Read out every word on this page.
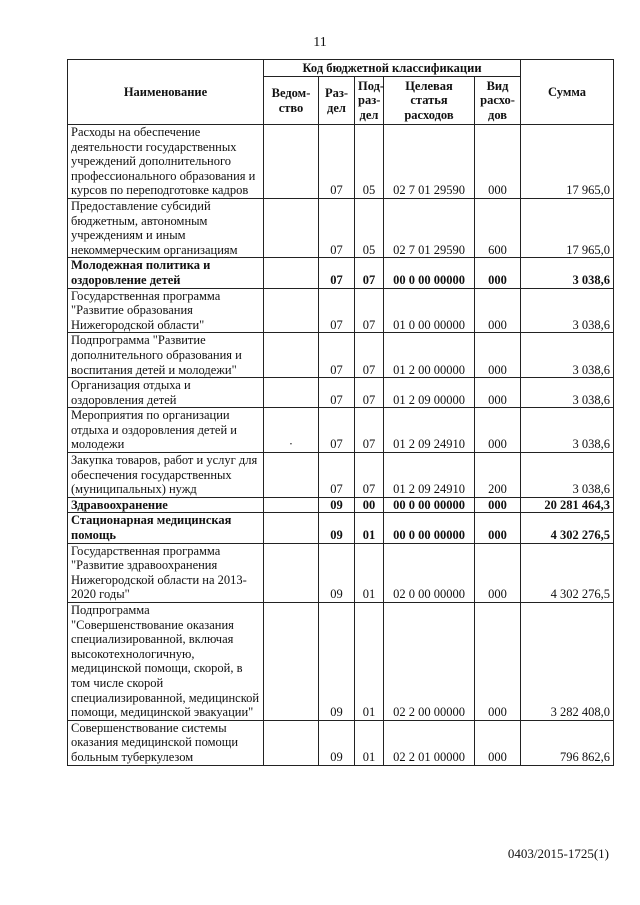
11
Наименование	Код бюджетной классификации					Сумма
	Ведом-ство	Раз-дел	Под-раз-дел	Целевая статья расходов	Вид расхо-дов	
Расходы на обеспечение деятельности государственных учреждений дополнительного профессионального образования и курсов по переподготовке кадров		07	05	02 7 01 29590	000	17 965,0
Предоставление субсидий бюджетным, автономным учреждениям и иным некоммерческим организациям		07	05	02 7 01 29590	600	17 965,0
Молодежная политика и оздоровление детей		07	07	00 0 00 00000	000	3 038,6
Государственная программа "Развитие образования Нижегородской области"		07	07	01 0 00 00000	000	3 038,6
Подпрограмма "Развитие дополнительного образования и воспитания детей и молодежи"		07	07	01 2 00 00000	000	3 038,6
Организация отдыха и оздоровления детей		07	07	01 2 09 00000	000	3 038,6
Мероприятия по организации отдыха и оздоровления детей и молодежи	·	07	07	01 2 09 24910	000	3 038,6
Закупка товаров, работ и услуг для обеспечения государственных (муниципальных) нужд		07	07	01 2 09 24910	200	3 038,6
Здравоохранение		09	00	00 0 00 00000	000	20 281 464,3
Стационарная медицинская помощь		09	01	00 0 00 00000	000	4 302 276,5
Государственная программа "Развитие здравоохранения Нижегородской области на 2013-2020 годы"		09	01	02 0 00 00000	000	4 302 276,5
Подпрограмма "Совершенствование оказания специализированной, включая высокотехнологичную, медицинской помощи, скорой, в том числе скорой специализированной, медицинской помощи, медицинской эвакуации"		09	01	02 2 00 00000	000	3 282 408,0
Совершенствование системы оказания медицинской помощи больным туберкулезом		09	01	02 2 01 00000	000	796 862,6
0403/2015-1725(1)
